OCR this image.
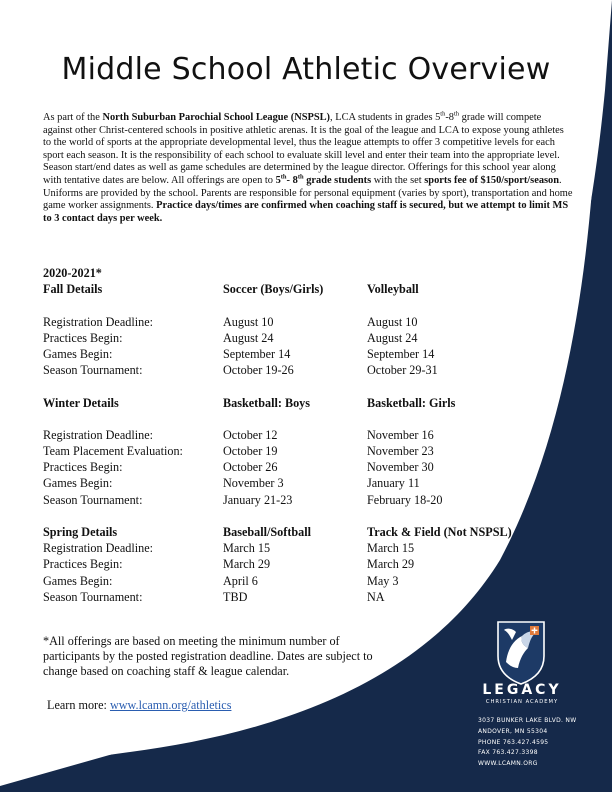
Middle School Athletic Overview
As part of the North Suburban Parochial School League (NSPSL), LCA students in grades 5th-8th grade will compete against other Christ-centered schools in positive athletic arenas. It is the goal of the league and LCA to expose young athletes to the world of sports at the appropriate developmental level, thus the league attempts to offer 3 competitive levels for each sport each season. It is the responsibility of each school to evaluate skill level and enter their team into the appropriate level. Season start/end dates as well as game schedules are determined by the league director. Offerings for this school year along with tentative dates are below. All offerings are open to 5th- 8th grade students with the set sports fee of $150/sport/season. Uniforms are provided by the school. Parents are responsible for personal equipment (varies by sport), transportation and home game worker assignments. Practice days/times are confirmed when coaching staff is secured, but we attempt to limit MS to 3 contact days per week.
2020-2021*
Fall Details	Soccer (Boys/Girls)	Volleyball
Registration Deadline:	August 10	August 10
Practices Begin:	August 24	August 24
Games Begin:	September 14	September 14
Season Tournament:	October 19-26	October 29-31
Winter Details	Basketball: Boys	Basketball: Girls
Registration Deadline:	October 12	November 16
Team Placement Evaluation:	October 19	November 23
Practices Begin:	October 26	November 30
Games Begin:	November 3	January 11
Season Tournament:	January 21-23	February 18-20
Spring Details	Baseball/Softball	Track & Field (Not NSPSL)
Registration Deadline:	March 15	March 15
Practices Begin:	March 29	March 29
Games Begin:	April 6	May 3
Season Tournament:	TBD	NA
*All offerings are based on meeting the minimum number of participants by the posted registration deadline. Dates are subject to change based on coaching staff & league calendar.
Learn more: www.lcamn.org/athletics
LEGACY
CHRISTIAN ACADEMY
3037 BUNKER LAKE BLVD. NW
ANDOVER, MN 55304
PHONE 763.427.4595
FAX 763.427.3398
WWW.LCAMN.ORG
